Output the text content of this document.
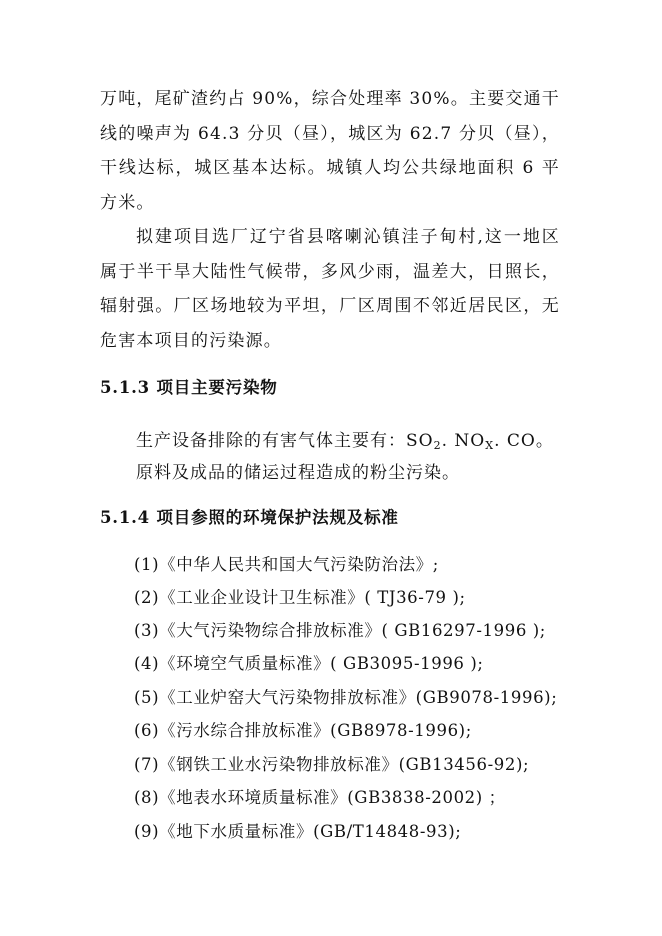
万吨，尾矿渣约占 90%，综合处理率 30%。主要交通干线的噪声为 64.3 分贝（昼），城区为 62.7 分贝（昼），干线达标，城区基本达标。城镇人均公共绿地面积 6 平方米。

拟建项目选厂辽宁省县喀喇沁镇洼子甸村,这一地区属于半干旱大陆性气候带，多风少雨，温差大，日照长，辐射强。厂区场地较为平坦，厂区周围不邻近居民区，无危害本项目的污染源。

5.1.3 项目主要污染物

生产设备排除的有害气体主要有：$SO_2$. $NO_X$. CO。

原料及成品的储运过程造成的粉尘污染。

5.1.4 项目参照的环境保护法规及标准

(1)《中华人民共和国大气污染防治法》;

(2)《工业企业设计卫生标准》( TJ36-79 );

(3)《大气污染物综合排放标准》( GB16297-1996 );

(4)《环境空气质量标准》( GB3095-1996 );

(5)《工业炉窑大气污染物排放标准》(GB9078-1996);

(6)《污水综合排放标准》(GB8978-1996);

(7)《钢铁工业水污染物排放标准》(GB13456-92);

(8)《地表水环境质量标准》(GB3838-2002) ；

(9)《地下水质量标准》(GB/T14848-93);
